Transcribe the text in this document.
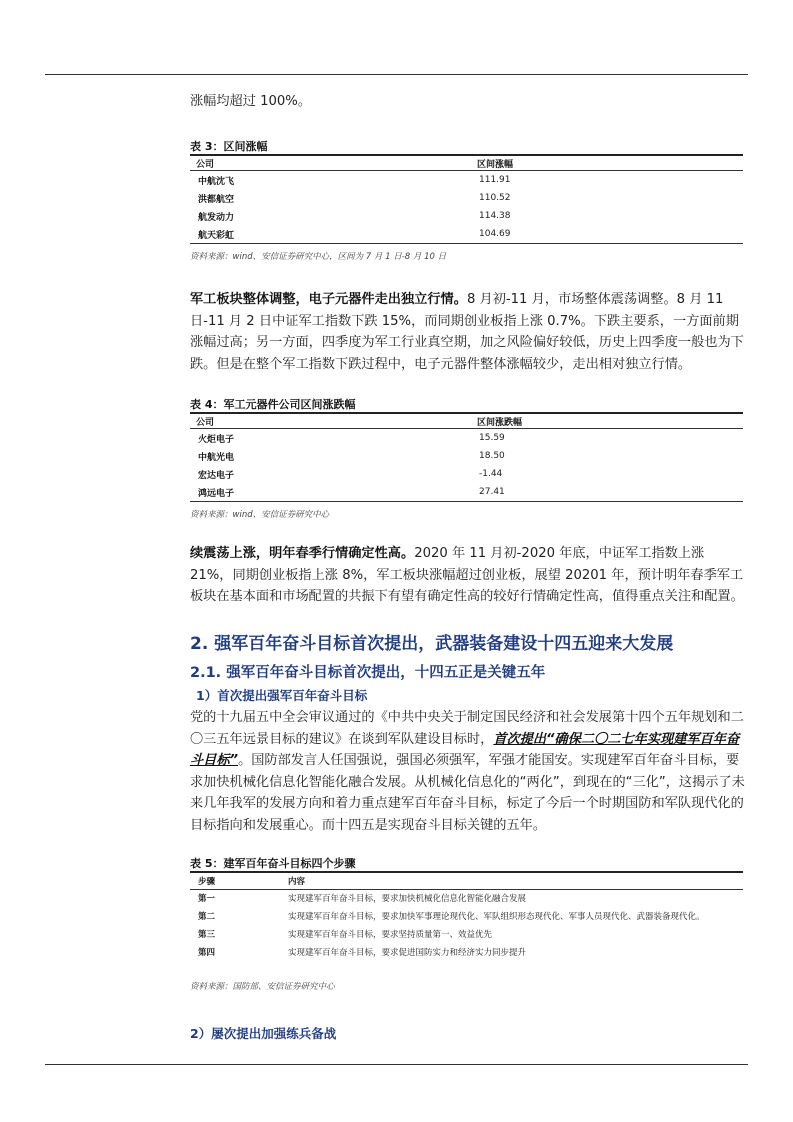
涨幅均超过 100%。
表 3：区间涨幅
公司	区间涨幅
中航沈飞	111.91
洪都航空	110.52
航发动力	114.38
航天彩虹	104.69
资料来源：wind、安信证券研究中心，区间为 7 月 1 日-8 月 10 日
军工板块整体调整，电子元器件走出独立行情。8 月初-11 月，市场整体震荡调整。8 月 11 日-11 月 2 日中证军工指数下跌 15%，而同期创业板指上涨 0.7%。下跌主要系，一方面前期涨幅过高；另一方面，四季度为军工行业真空期，加之风险偏好较低，历史上四季度一般也为下跌。但是在整个军工指数下跌过程中，电子元器件整体涨幅较少，走出相对独立行情。
表 4：军工元器件公司区间涨跌幅
公司	区间涨跌幅
火炬电子	15.59
中航光电	18.50
宏达电子	-1.44
鸿远电子	27.41
资料来源：wind、安信证券研究中心
续震荡上涨，明年春季行情确定性高。2020 年 11 月初-2020 年底，中证军工指数上涨 21%，同期创业板指上涨 8%，军工板块涨幅超过创业板，展望 20201 年，预计明年春季军工板块在基本面和市场配置的共振下有望有确定性高的较好行情确定性高，值得重点关注和配置。
2. 强军百年奋斗目标首次提出，武器装备建设十四五迎来大发展
2.1. 强军百年奋斗目标首次提出，十四五正是关键五年
1）首次提出强军百年奋斗目标
党的十九届五中全会审议通过的《中共中央关于制定国民经济和社会发展第十四个五年规划和二〇三五年远景目标的建议》在谈到军队建设目标时，首次提出“确保二〇二七年实现建军百年奋斗目标”。国防部发言人任国强说，强国必须强军，军强才能国安。实现建军百年奋斗目标，要求加快机械化信息化智能化融合发展。从机械化信息化的“两化”，到现在的“三化”，这揭示了未来几年我军的发展方向和着力重点建军百年奋斗目标，标定了今后一个时期国防和军队现代化的目标指向和发展重心。而十四五是实现奋斗目标关键的五年。
表 5：建军百年奋斗目标四个步骤
步骤	内容
第一	实现建军百年奋斗目标，要求加快机械化信息化智能化融合发展
第二	实现建军百年奋斗目标，要求加快军事理论现代化、军队组织形态现代化、军事人员现代化、武器装备现代化。
第三	实现建军百年奋斗目标，要求坚持质量第一、效益优先
第四	实现建军百年奋斗目标，要求促进国防实力和经济实力同步提升
资料来源：国防部、安信证券研究中心
2）屡次提出加强练兵备战
